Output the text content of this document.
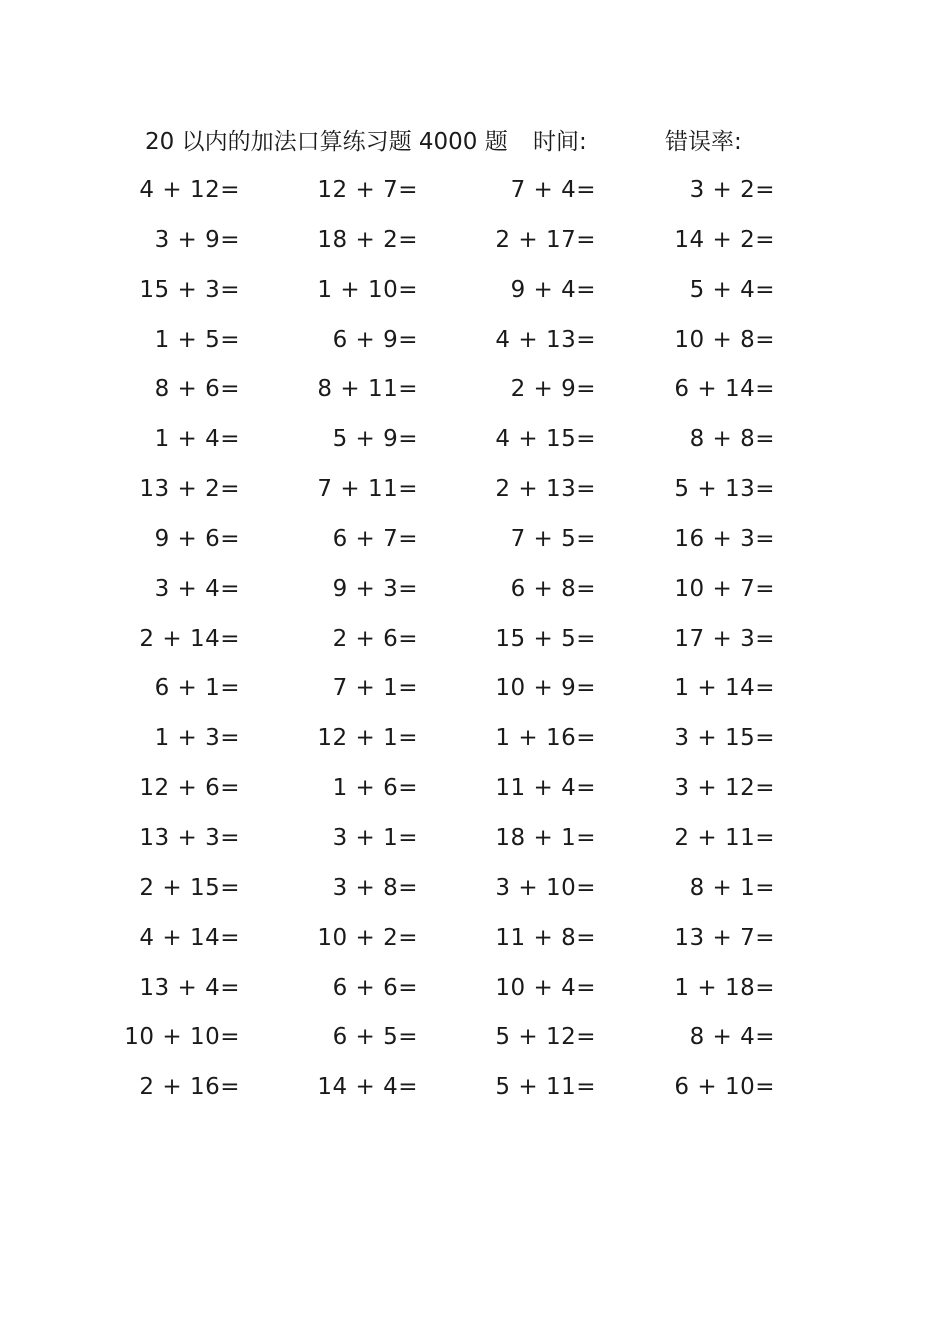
20 以内的加法口算练习题 4000 题 时间:	错误率:
4 + 12=	12 + 7=	7 + 4=	3 + 2=
3 + 9=	18 + 2=	2 + 17=	14 + 2=
15 + 3=	1 + 10=	9 + 4=	5 + 4=
1 + 5=	6 + 9=	4 + 13=	10 + 8=
8 + 6=	8 + 11=	2 + 9=	6 + 14=
1 + 4=	5 + 9=	4 + 15=	8 + 8=
13 + 2=	7 + 11=	2 + 13=	5 + 13=
9 + 6=	6 + 7=	7 + 5=	16 + 3=
3 + 4=	9 + 3=	6 + 8=	10 + 7=
2 + 14=	2 + 6=	15 + 5=	17 + 3=
6 + 1=	7 + 1=	10 + 9=	1 + 14=
1 + 3=	12 + 1=	1 + 16=	3 + 15=
12 + 6=	1 + 6=	11 + 4=	3 + 12=
13 + 3=	3 + 1=	18 + 1=	2 + 11=
2 + 15=	3 + 8=	3 + 10=	8 + 1=
4 + 14=	10 + 2=	11 + 8=	13 + 7=
13 + 4=	6 + 6=	10 + 4=	1 + 18=
10 + 10=	6 + 5=	5 + 12=	8 + 4=
2 + 16=	14 + 4=	5 + 11=	6 + 10=
